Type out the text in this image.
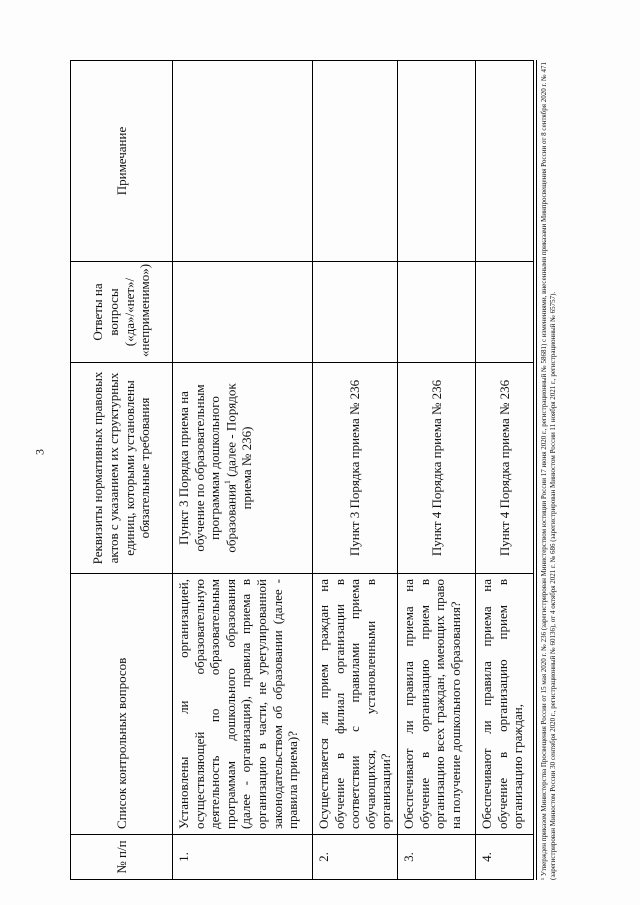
3
№ п/п	Список контрольных вопросов	Реквизиты нормативных правовых актов с указанием их структурных единиц, которыми установлены обязательные требования	Ответы на вопросы («да»/«нет»/ «неприменимо»)	Примечание
1.	Установлены ли организацией, осуществляющей образовательную деятельность по образовательным программам дошкольного образования (далее - организация), правила приема в организацию в части, не урегулированной законодательством об образовании (далее - правила приема)?	Пункт 3 Порядка приема на обучение по образовательным программам дошкольного образования$^1$ (далее - Порядок приема № 236)		
2.	Осуществляется ли прием граждан на обучение в филиал организации в соответствии с правилами приема обучающихся, установленными в организации?	Пункт 3 Порядка приема № 236		
3.	Обеспечивают ли правила приема на обучение в организацию прием в организацию всех граждан, имеющих право на получение дошкольного образования?	Пункт 4 Порядка приема № 236		
4.	Обеспечивают ли правила приема на обучение в организацию прием в организацию граждан,	Пункт 4 Порядка приема № 236			¹ Утвержден приказом Министерства Просвещения России от 15 мая 2020 г. № 236 (зарегистрирован Министерством юстиции России 17 июня 2020 г., регистрационный № 58681) с изменениями, внесенными приказами Минпросвещения России от 8 сентября 2020 г. № 471 (зарегистрирован Минюстом России 30 сентября 2020 г., регистрационный № 60136), от 4 октября 2021 г. № 686 (зарегистрирован Минюстом России 11 ноября 2021 г., регистрационный № 65757).
